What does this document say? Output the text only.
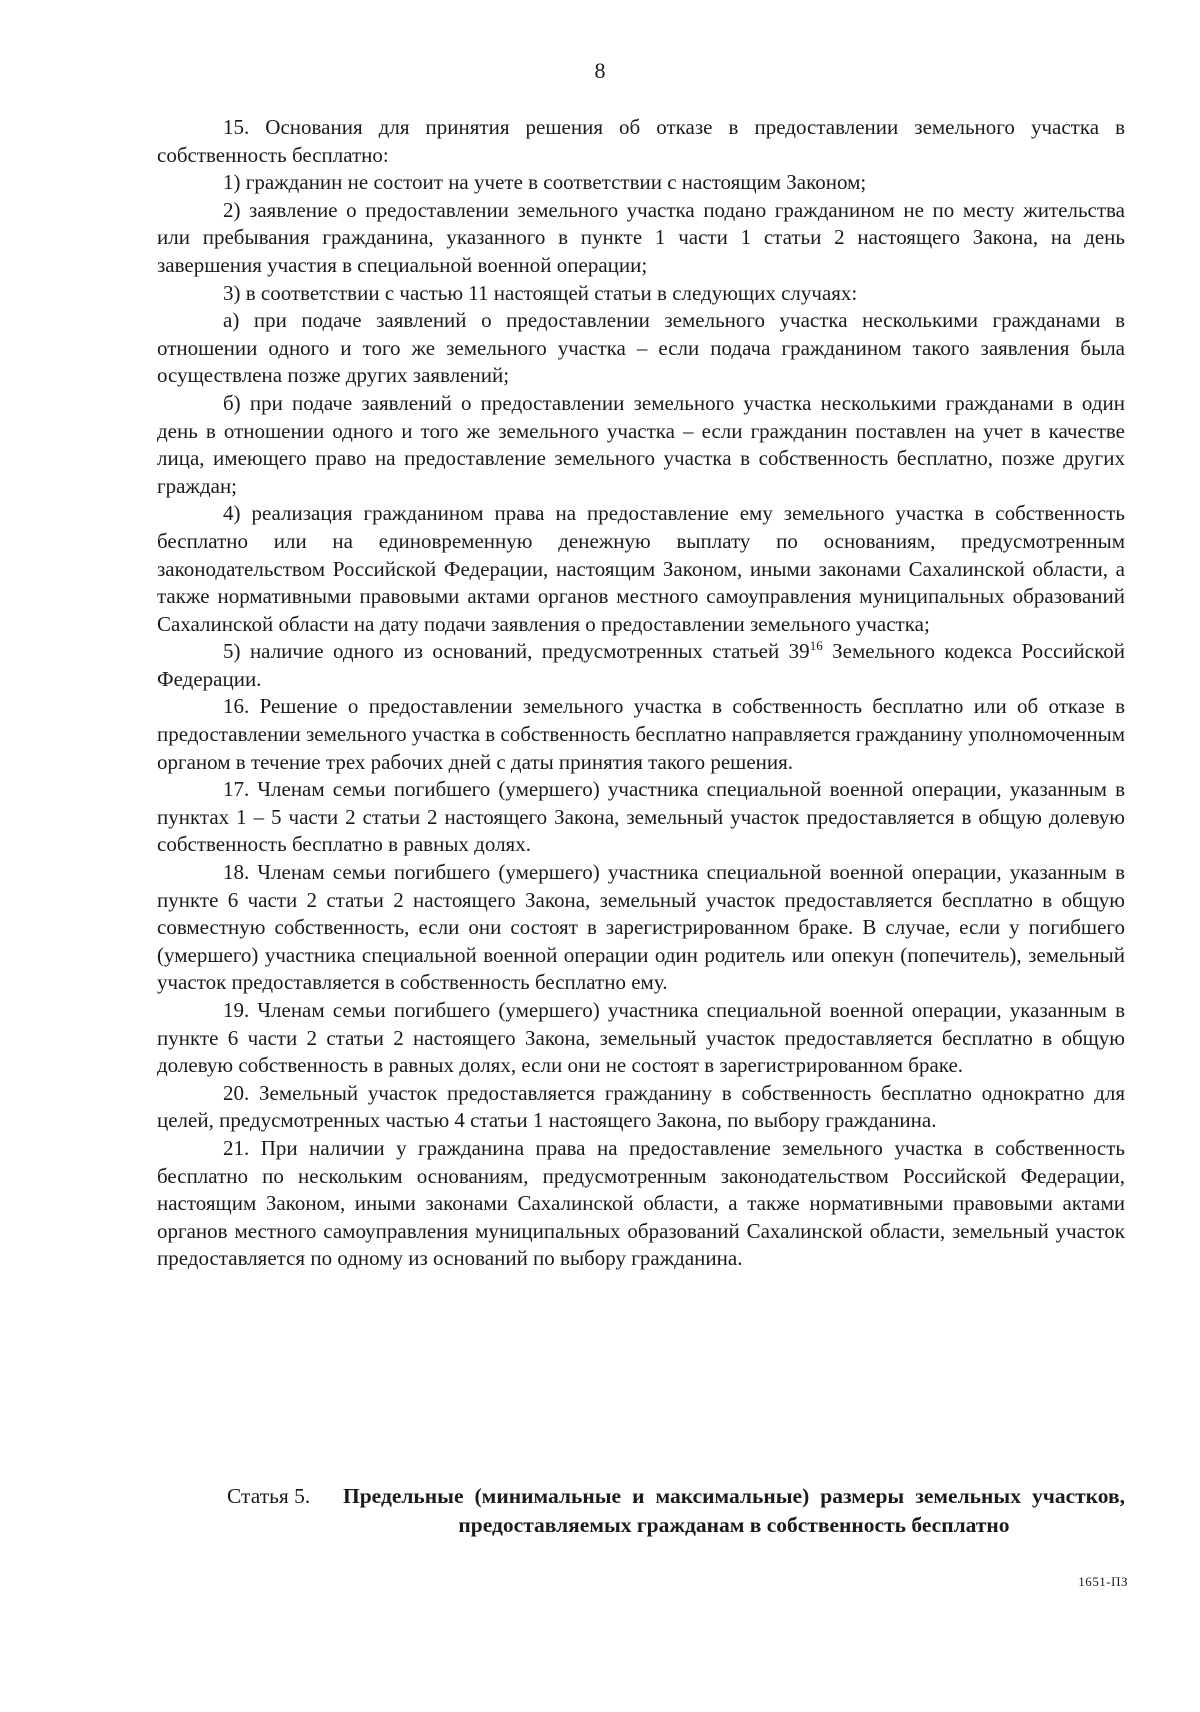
8

15. Основания для принятия решения об отказе в предоставлении земельного участка в собственность бесплатно:

1) гражданин не состоит на учете в соответствии с настоящим Законом;

2) заявление о предоставлении земельного участка подано гражданином не по месту жительства или пребывания гражданина, указанного в пункте 1 части 1 статьи 2 настоящего Закона, на день завершения участия в специальной военной операции;

3) в соответствии с частью 11 настоящей статьи в следующих случаях:

а) при подаче заявлений о предоставлении земельного участка несколькими гражданами в отношении одного и того же земельного участка – если подача гражданином такого заявления была осуществлена позже других заявлений;

б) при подаче заявлений о предоставлении земельного участка несколькими гражданами в один день в отношении одного и того же земельного участка – если гражданин поставлен на учет в качестве лица, имеющего право на предоставление земельного участка в собственность бесплатно, позже других граждан;

4) реализация гражданином права на предоставление ему земельного участка в собственность бесплатно или на единовременную денежную выплату по основаниям, предусмотренным законодательством Российской Федерации, настоящим Законом, иными законами Сахалинской области, а также нормативными правовыми актами органов местного самоуправления муниципальных образований Сахалинской области на дату подачи заявления о предоставлении земельного участка;

5) наличие одного из оснований, предусмотренных статьей $39^{16}$ Земельного кодекса Российской Федерации.

16. Решение о предоставлении земельного участка в собственность бесплатно или об отказе в предоставлении земельного участка в собственность бесплатно направляется гражданину уполномоченным органом в течение трех рабочих дней с даты принятия такого решения.

17. Членам семьи погибшего (умершего) участника специальной военной операции, указанным в пунктах 1 – 5 части 2 статьи 2 настоящего Закона, земельный участок предоставляется в общую долевую собственность бесплатно в равных долях.

18. Членам семьи погибшего (умершего) участника специальной военной операции, указанным в пункте 6 части 2 статьи 2 настоящего Закона, земельный участок предоставляется бесплатно в общую совместную собственность, если они состоят в зарегистрированном браке. В случае, если у погибшего (умершего) участника специальной военной операции один родитель или опекун (попечитель), земельный участок предоставляется в собственность бесплатно ему.

19. Членам семьи погибшего (умершего) участника специальной военной операции, указанным в пункте 6 части 2 статьи 2 настоящего Закона, земельный участок предоставляется бесплатно в общую долевую собственность в равных долях, если они не состоят в зарегистрированном браке.

20. Земельный участок предоставляется гражданину в собственность бесплатно однократно для целей, предусмотренных частью 4 статьи 1 настоящего Закона, по выбору гражданина.

21. При наличии у гражданина права на предоставление земельного участка в собственность бесплатно по нескольким основаниям, предусмотренным законодательством Российской Федерации, настоящим Законом, иными законами Сахалинской области, а также нормативными правовыми актами органов местного самоуправления муниципальных образований Сахалинской области, земельный участок предоставляется по одному из оснований по выбору гражданина.

Статья 5. Предельные (минимальные и максимальные) размеры земельных участков, предоставляемых гражданам в собственность бесплатно
1651-ПЗ
